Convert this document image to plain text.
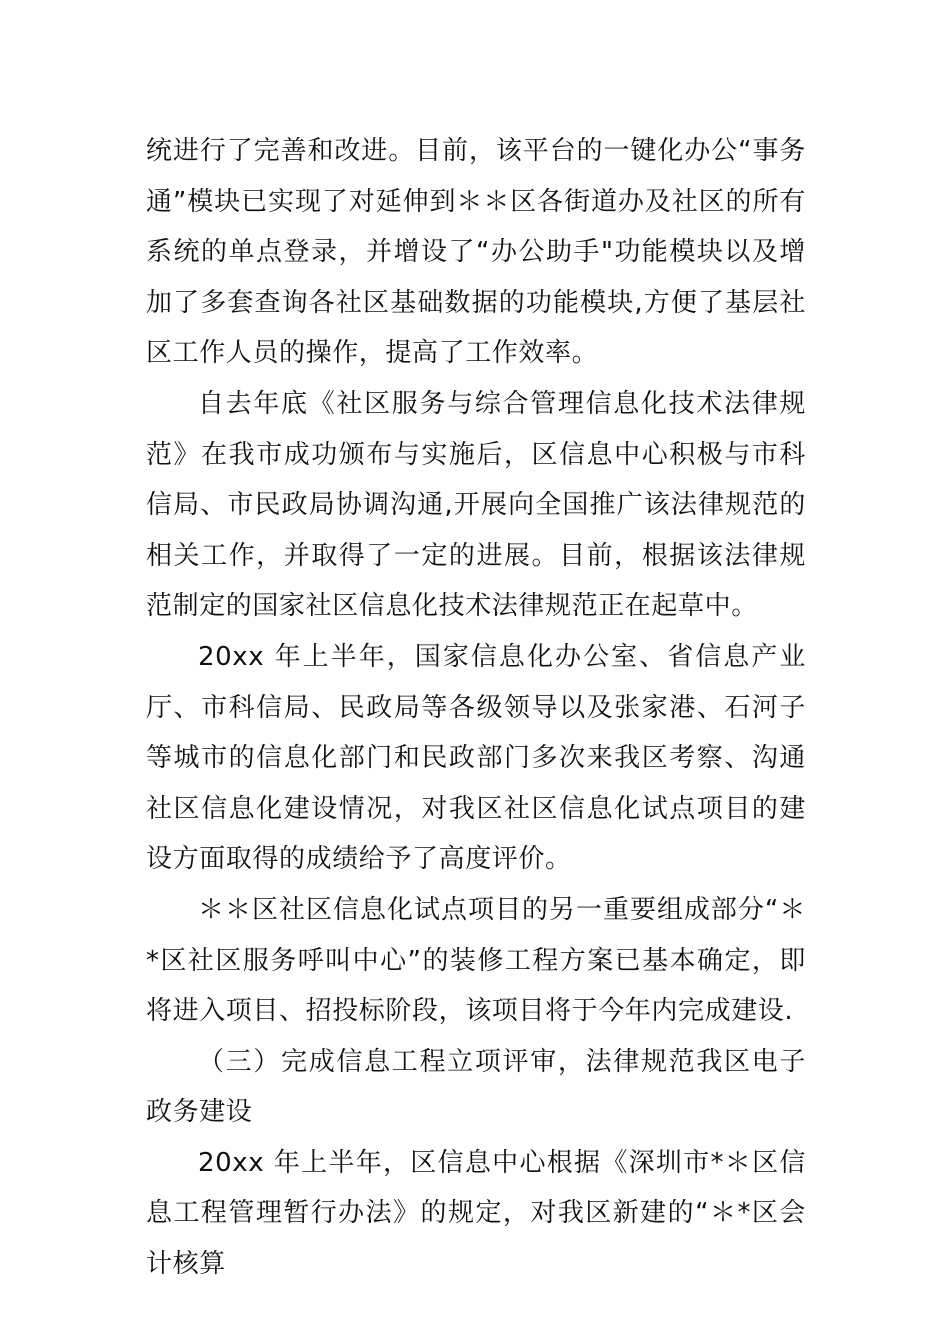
统进行了完善和改进。目前，该平台的一键化办公“事务通”模块已实现了对延伸到＊＊区各街道办及社区的所有系统的单点登录，并增设了“办公助手"功能模块以及增加了多套查询各社区基础数据的功能模块,方便了基层社区工作人员的操作，提高了工作效率。

自去年底《社区服务与综合管理信息化技术法律规范》在我市成功颁布与实施后，区信息中心积极与市科信局、市民政局协调沟通,开展向全国推广该法律规范的相关工作，并取得了一定的进展。目前，根据该法律规范制定的国家社区信息化技术法律规范正在起草中。

20xx 年上半年，国家信息化办公室、省信息产业厅、市科信局、民政局等各级领导以及张家港、石河子等城市的信息化部门和民政部门多次来我区考察、沟通社区信息化建设情况，对我区社区信息化试点项目的建设方面取得的成绩给予了高度评价。

＊＊区社区信息化试点项目的另一重要组成部分“＊*区社区服务呼叫中心”的装修工程方案已基本确定，即将进入项目、招投标阶段，该项目将于今年内完成建设.

（三）完成信息工程立项评审，法律规范我区电子政务建设

20xx 年上半年，区信息中心根据《深圳市*＊区信息工程管理暂行办法》的规定，对我区新建的“＊*区会计核算
